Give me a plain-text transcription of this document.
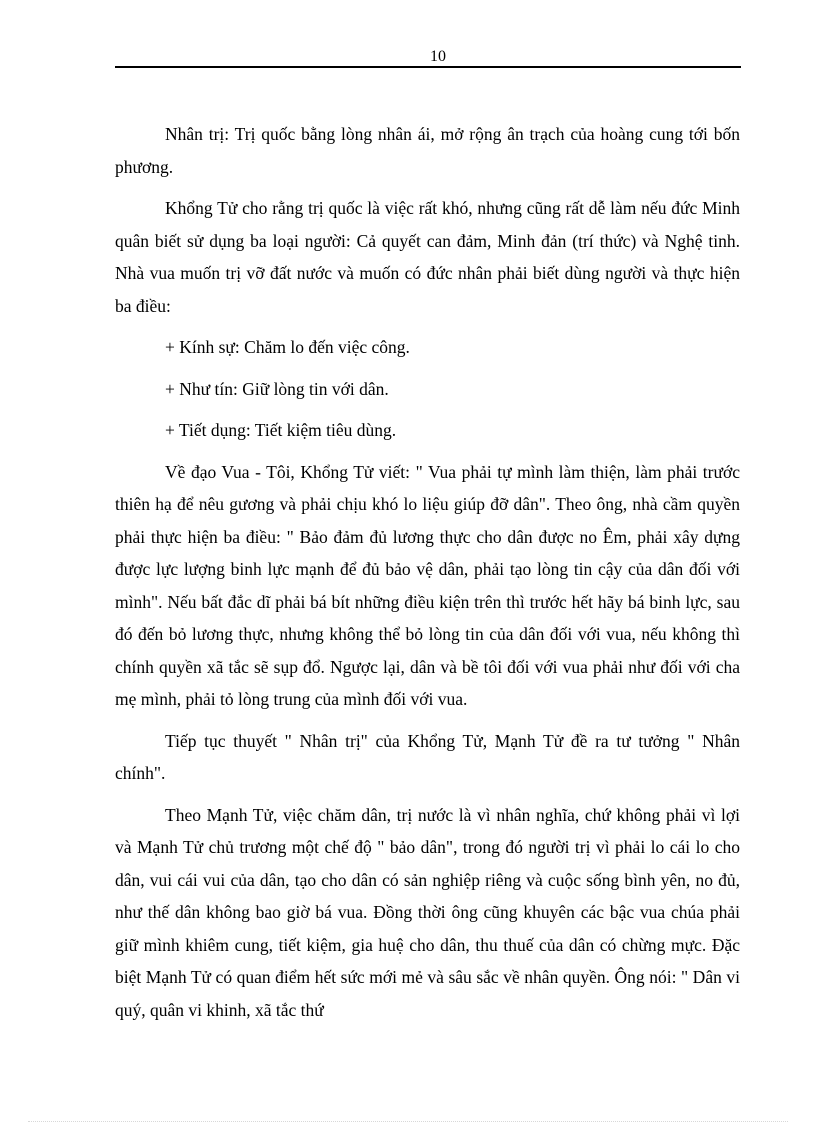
10

Nhân trị: Trị quốc bằng lòng nhân ái, mở rộng ân trạch của hoàng cung tới bốn phương.

Khổng Tử cho rằng trị quốc là việc rất khó, nhưng cũng rất dễ làm nếu đức Minh quân biết sử dụng ba loại người: Cả quyết can đảm, Minh đản (trí thức) và Nghệ tinh. Nhà vua muốn trị vỡ đất nước và muốn có đức nhân phải biết dùng người và thực hiện ba điều:

+ Kính sự: Chăm lo đến việc công.

+ Như tín: Giữ lòng tin với dân.

+ Tiết dụng: Tiết kiệm tiêu dùng.

Về đạo Vua - Tôi, Khổng Tử viết: " Vua phải tự mình làm thiện, làm phải trước thiên hạ để nêu gương và phải chịu khó lo liệu giúp đỡ dân". Theo ông, nhà cầm quyền phải thực hiện ba điều: " Bảo đảm đủ lương thực cho dân được no Êm, phải xây dựng được lực lượng binh lực mạnh để đủ bảo vệ dân, phải tạo lòng tin cậy của dân đối với mình". Nếu bất đắc dĩ phải bá bít những điều kiện trên thì trước hết hãy bá binh lực, sau đó đến bỏ lương thực, nhưng không thể bỏ lòng tin của dân đối với vua, nếu không thì chính quyền xã tắc sẽ sụp đổ. Ngược lại, dân và bề tôi đối với vua phải như đối với cha mẹ mình, phải tỏ lòng trung của mình đối với vua.

Tiếp tục thuyết " Nhân trị" của Khổng Tử, Mạnh Tử đề ra tư tưởng " Nhân chính".

Theo Mạnh Tử, việc chăm dân, trị nước là vì nhân nghĩa, chứ không phải vì lợi và Mạnh Tử chủ trương một chế độ " bảo dân", trong đó người trị vì phải lo cái lo cho dân, vui cái vui của dân, tạo cho dân có sản nghiệp riêng và cuộc sống bình yên, no đủ, như thế dân không bao giờ bá vua. Đồng thời ông cũng khuyên các bậc vua chúa phải giữ mình khiêm cung, tiết kiệm, gia huệ cho dân, thu thuế của dân có chừng mực. Đặc biệt Mạnh Tử có quan điểm hết sức mới mẻ và sâu sắc về nhân quyền. Ông nói: " Dân vi quý, quân vi khinh, xã tắc thứ
